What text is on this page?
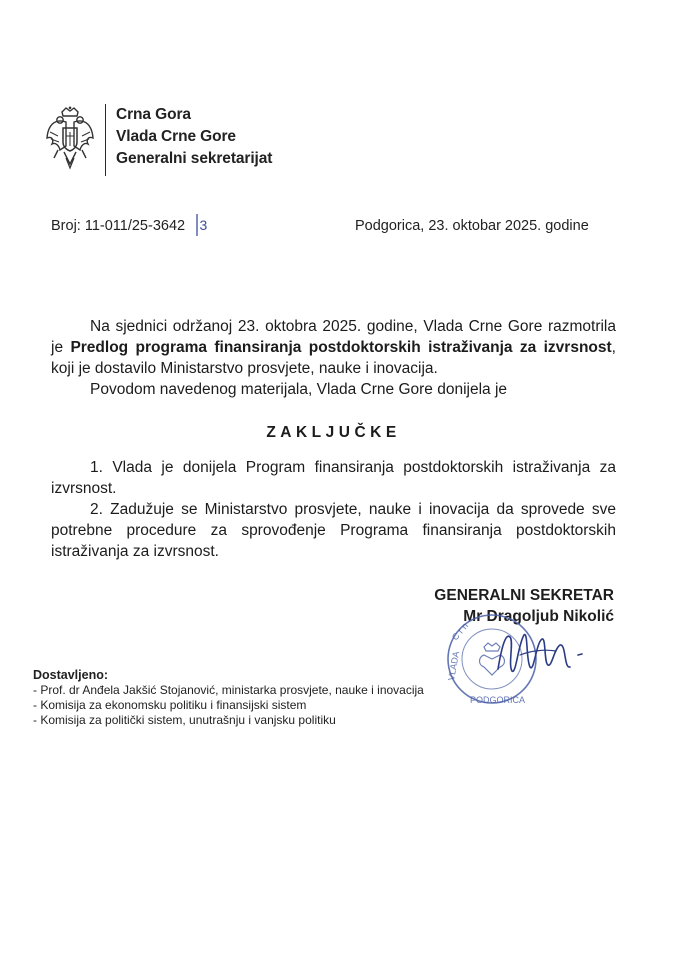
Crna Gora
Vlada Crne Gore
Generalni sekretarijat
Broj: 11-011/25-3642 3	Podgorica, 23. oktobar 2025. godine

Na sjednici održanoj 23. oktobra 2025. godine, Vlada Crne Gore razmotrila je Predlog programa finansiranja postdoktorskih istraživanja za izvrsnost, koji je dostavilo Ministarstvo prosvjete, nauke i inovacija.

Povodom navedenog materijala, Vlada Crne Gore donijela je

ZAKLJUČKE

1. Vlada je donijela Program finansiranja postdoktorskih istraživanja za izvrsnost.

2. Zadužuje se Ministarstvo prosvjete, nauke i inovacija da sprovede sve potrebne procedure za sprovođenje Programa finansiranja postdoktorskih istraživanja za izvrsnost.

GENERALNI SEKRETAR
Mr Dragoljub Nikolić
C r n
VLADA
PODGORICA
Dostavljeno:
- Prof. dr Anđela Jakšić Stojanović, ministarka prosvjete, nauke i inovacija
- Komisija za ekonomsku politiku i finansijski sistem
- Komisija za politički sistem, unutrašnju i vanjsku politiku
